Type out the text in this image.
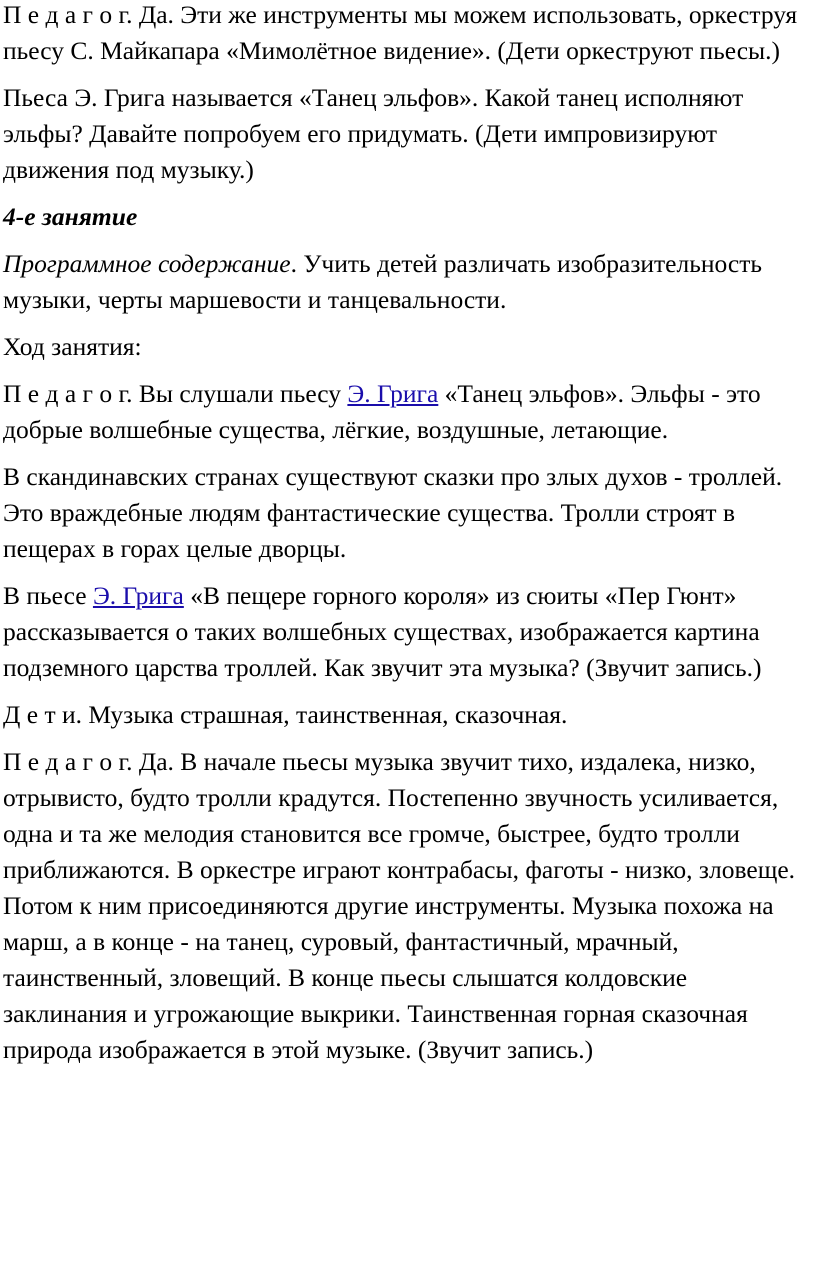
П е д а г о г. Да. Эти же инструменты мы можем использовать, оркеструя пьесу С. Майкапара «Мимолётное видение». (Дети оркеструют пьесы.)

Пьеса Э. Грига называется «Танец эльфов». Какой танец исполняют эльфы? Давайте попробуем его придумать. (Дети импровизируют движения под музыку.)

4-е занятие

Программное содержание. Учить детей различать изобразительность музыки, черты маршевости и танцевальности.

Ход занятия:

П е д а г о г. Вы слушали пьесу Э. Грига «Танец эльфов». Эльфы - это добрые волшебные существа, лёгкие, воздушные, летающие.

В скандинавских странах существуют сказки про злых духов - троллей. Это враждебные людям фантастические существа. Тролли строят в пещерах в горах целые дворцы.

В пьесе Э. Грига «В пещере горного короля» из сюиты «Пер Гюнт» рассказывается о таких волшебных существах, изображается картина подземного царства троллей. Как звучит эта музыка? (Звучит запись.)

Д е т и. Музыка страшная, таинственная, сказочная.

П е д а г о г. Да. В начале пьесы музыка звучит тихо, издалека, низко, отрывисто, будто тролли крадутся. Постепенно звучность усиливается, одна и та же мелодия становится все громче, быстрее, будто тролли приближаются. В оркестре играют контрабасы, фаготы - низко, зловеще. Потом к ним присоединяются другие инструменты. Музыка похожа на марш, а в конце - на танец, суровый, фантастичный, мрачный, таинственный, зловещий. В конце пьесы слышатся колдовские заклинания и угрожающие выкрики. Таинственная горная сказочная природа изображается в этой музыке. (Звучит запись.)
